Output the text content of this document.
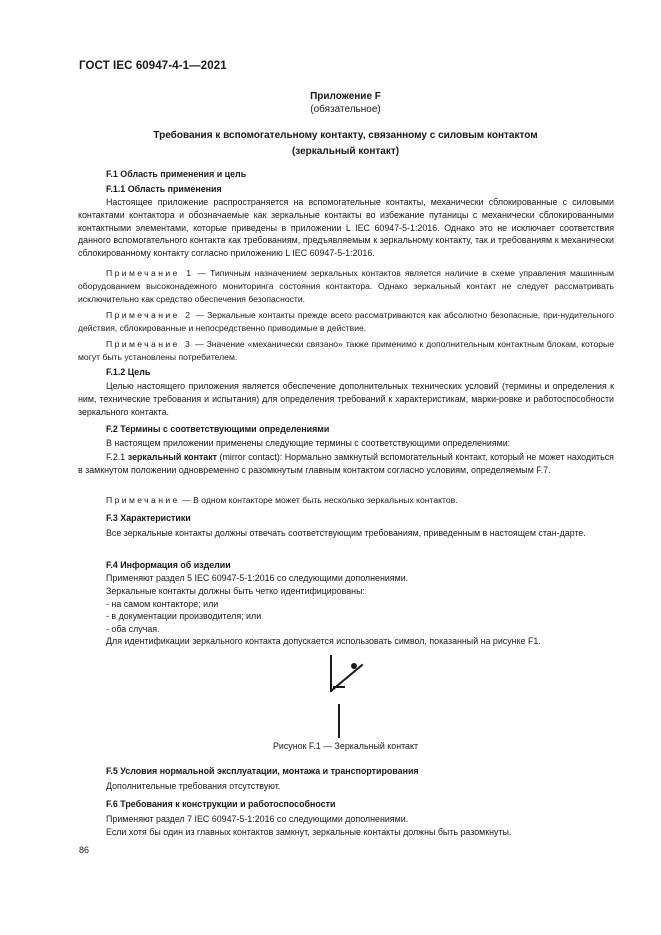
ГОСТ IEC 60947-4-1—2021
Приложение F
(обязательное)
Требования к вспомогательному контакту, связанному с силовым контактом
(зеркальный контакт)
F.1 Область применения и цель
F.1.1 Область применения

Настоящее приложение распространяется на вспомогательные контакты, механически сблокированные с силовыми контактами контактора и обозначаемые как зеркальные контакты во избежание путаницы с механически сблокированными контактными элементами, которые приведены в приложении L IEC 60947-5-1:2016. Однако это не исключает соответствия данного вспомогательного контакта как требованиям, предъявляемым к зеркальному контакту, так и требованиям к механически сблокированному контакту согласно приложению L IEC 60947-5-1:2016.

Примечание 1 — Типичным назначением зеркальных контактов является наличие в схеме управления машинным оборудованием высоконадежного мониторинга состояния контактора. Однако зеркальный контакт не следует рассматривать исключительно как средство обеспечения безопасности.

Примечание 2 — Зеркальные контакты прежде всего рассматриваются как абсолютно безопасные, при-нудительного действия, сблокированные и непосредственно приводимые в действие.

Примечание 3 — Значение «механически связано» также применимо к дополнительным контактным блокам, которые могут быть установлены потребителем.

F.1.2 Цель

Целью настоящего приложения является обеспечение дополнительных технических условий (термины и определения к ним, технические требования и испытания) для определения требований к характеристикам, марки-ровке и работоспособности зеркального контакта.

F.2 Термины с соответствующими определениями

В настоящем приложении применены следующие термины с соответствующими определениями:

F.2.1 зеркальный контакт (mirror contact): Нормально замкнутый вспомогательный контакт, который не может находиться в замкнутом положении одновременно с разомкнутым главным контактом согласно условиям, определяемым F.7.

Примечание — В одном контакторе может быть несколько зеркальных контактов.

F.3 Характеристики

Все зеркальные контакты должны отвечать соответствующим требованиям, приведенным в настоящем стан-дарте.

F.4 Информация об изделии
Применяют раздел 5 IEC 60947-5-1:2016 со следующими дополнениями.
Зеркальные контакты должны быть четко идентифицированы:
- на самом контакторе; или
- в документации производителя; или
- оба случая.
Для идентификации зеркального контакта допускается использовать символ, показанный на рисунке F1.
Рисунок F.1 — Зеркальный контакт
F.5 Условия нормальной эксплуатации, монтажа и транспортирования
Дополнительные требования отсутствуют.
F.6 Требования к конструкции и работоспособности
Применяют раздел 7 IEC 60947-5-1:2016 со следующими дополнениями.
Если хотя бы один из главных контактов замкнут, зеркальные контакты должны быть разомкнуты.
86
